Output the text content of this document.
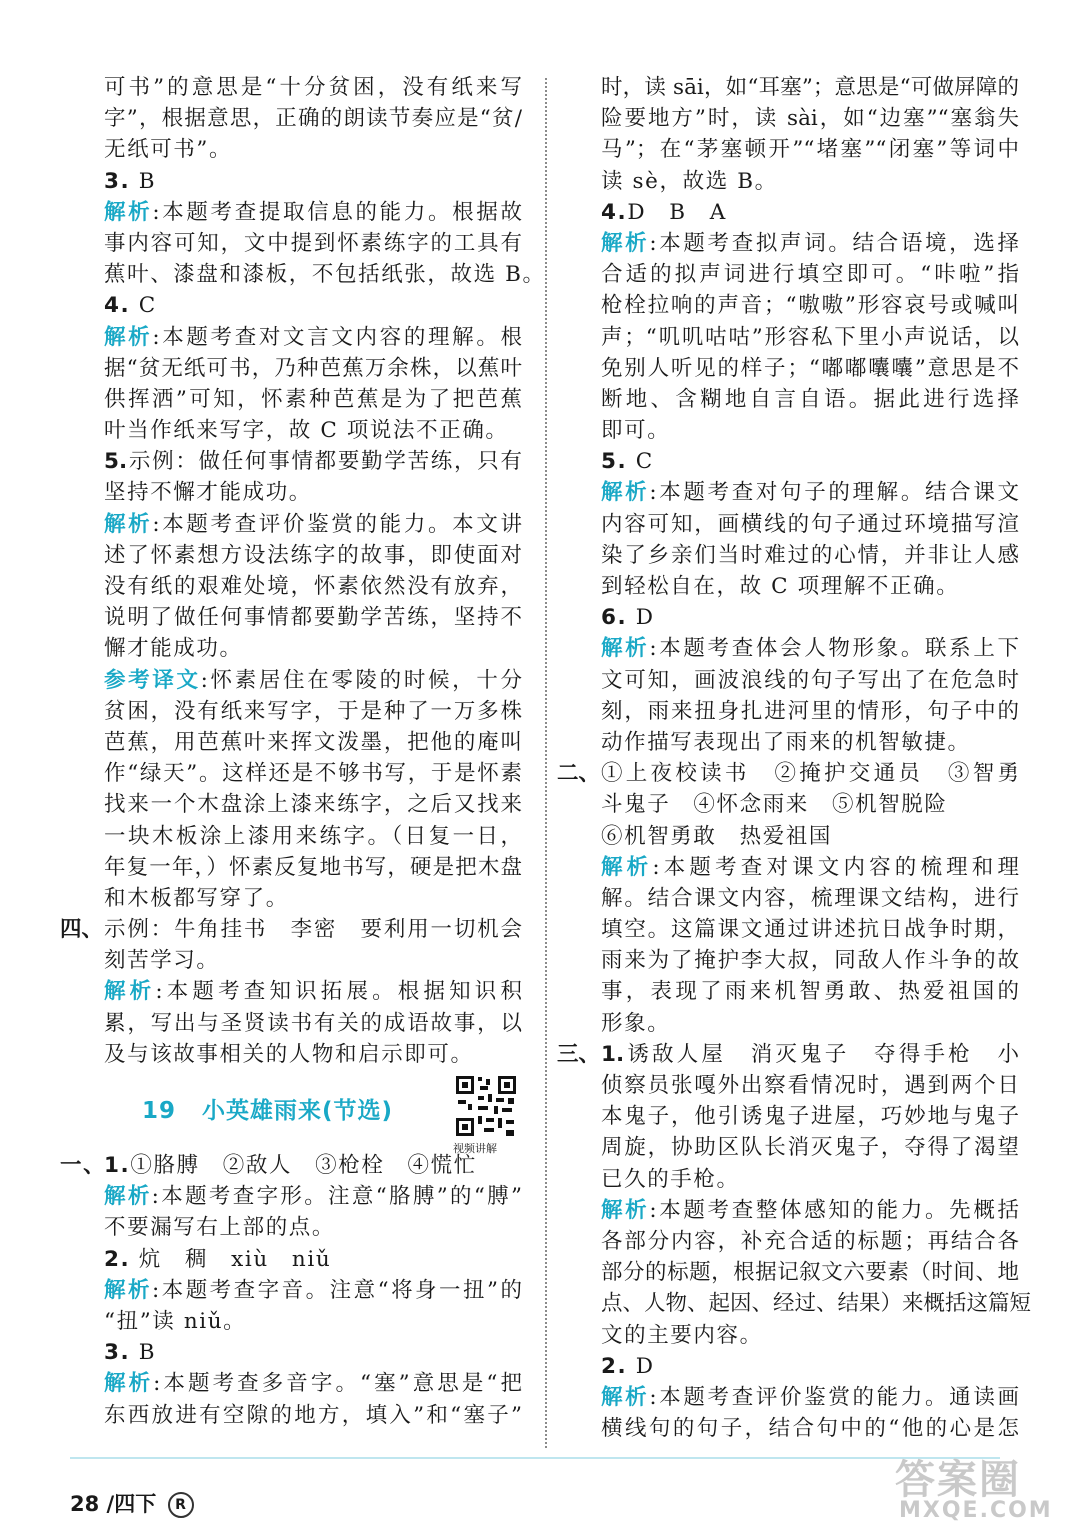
可书”的意思是“十分贫困，没有纸来写
字”，根据意思，正确的朗读节奏应是“贫/
无纸可书”。
3. B
解析:本题考查提取信息的能力。根据故
事内容可知，文中提到怀素练字的工具有
蕉叶、漆盘和漆板，不包括纸张，故选 B。
4. C
解析:本题考查对文言文内容的理解。根
据“贫无纸可书，乃种芭蕉万余株，以蕉叶
供挥洒”可知，怀素种芭蕉是为了把芭蕉
叶当作纸来写字，故 C 项说法不正确。
5.示例：做任何事情都要勤学苦练，只有
坚持不懈才能成功。
解析:本题考查评价鉴赏的能力。本文讲
述了怀素想方设法练字的故事，即使面对
没有纸的艰难处境，怀素依然没有放弃，
说明了做任何事情都要勤学苦练，坚持不
懈才能成功。
参考译文:怀素居住在零陵的时候，十分
贫困，没有纸来写字，于是种了一万多株
芭蕉，用芭蕉叶来挥文泼墨，把他的庵叫
作“绿天”。这样还是不够书写，于是怀素
找来一个木盘涂上漆来练字，之后又找来
一块木板涂上漆用来练字。（日复一日，
年复一年，）怀素反复地书写，硬是把木盘
和木板都写穿了。
四、 示例：牛角挂书　李密　要利用一切机会
刻苦学习。
解析:本题考查知识拓展。根据知识积
累，写出与圣贤读书有关的成语故事，以
及与该故事相关的人物和启示即可。
19 小英雄雨来(节选)
视频讲解
一、
1.①胳膊　②敌人　③枪栓　④慌忙
解析:本题考查字形。注意“胳膊”的“膊”
不要漏写右上部的点。
2. 炕　稠　xiù　niǔ
解析:本题考查字音。注意“将身一扭”的
“扭”读 niǔ。
3. B
解析:本题考查多音字。“塞”意思是“把
东西放进有空隙的地方，填入”和“塞子”
时，读 sāi，如“耳塞”；意思是“可做屏障的
险要地方”时，读 sài，如“边塞”“塞翁失
马”；在“茅塞顿开”“堵塞”“闭塞”等词中
读 sè，故选 B。
4.D　B　A
解析:本题考查拟声词。结合语境，选择
合适的拟声词进行填空即可。“咔啦”指
枪栓拉响的声音；“嗷嗷”形容哀号或喊叫
声；“叽叽咕咕”形容私下里小声说话，以
免别人听见的样子；“嘟嘟囔囔”意思是不
断地、含糊地自言自语。据此进行选择
即可。
5. C
解析:本题考查对句子的理解。结合课文
内容可知，画横线的句子通过环境描写渲
染了乡亲们当时难过的心情，并非让人感
到轻松自在，故 C 项理解不正确。
6. D
解析:本题考查体会人物形象。联系上下
文可知，画波浪线的句子写出了在危急时
刻，雨来扭身扎进河里的情形，句子中的
动作描写表现出了雨来的机智敏捷。
二、 ①上夜校读书　②掩护交通员　③智勇
斗鬼子　④怀念雨来　⑤机智脱险
⑥机智勇敢　热爱祖国
解析:本题考查对课文内容的梳理和理
解。结合课文内容，梳理课文结构，进行
填空。这篇课文通过讲述抗日战争时期，
雨来为了掩护李大叔，同敌人作斗争的故
事，表现了雨来机智勇敢、热爱祖国的
形象。
三、 1.诱敌人屋　消灭鬼子　夺得手枪　小
侦察员张嘎外出察看情况时，遇到两个日
本鬼子，他引诱鬼子进屋，巧妙地与鬼子
周旋，协助区队长消灭鬼子，夺得了渴望
已久的手枪。
解析:本题考查整体感知的能力。先概括
各部分内容，补充合适的标题；再结合各
部分的标题，根据记叙文六要素（时间、地
点、人物、起因、经过、结果）来概括这篇短
文的主要内容。
2. D
解析:本题考查评价鉴赏的能力。通读画
横线句的句子，结合句中的“他的心是怎
28 /四下 R
答案圈
MXQE.COM
